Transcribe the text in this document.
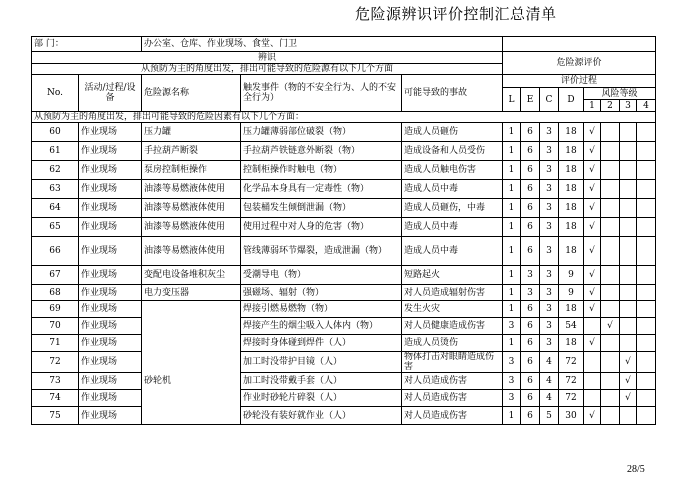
危险源辨识评价控制汇总清单
部 门：		办公室、仓库、作业现场、食堂、门卫										
辨识					危险源评价							
从预防为主的角度出发，排出可能导致的危险源有以下几个方面												
No.	活动/过程/设备	危险源名称	触发事件（物的不安全行为、人的不安全行为）	可能导致的事故	评价过程							
					L	E	C	D	风险等级			
									1	2	3	4
从预防为主的角度出发，排出可能导致的危险因素有以下几个方面：												
60	作业现场	压力罐	压力罐薄弱部位破裂（物）	造成人员砸伤	1	6	3	18	√			
61	作业现场	手拉葫芦断裂	手拉葫芦铁链意外断裂（物）	造成设备和人员受伤	1	6	3	18	√			
62	作业现场	泵房控制柜操作	控制柜操作时触电（物）	造成人员触电伤害	1	6	3	18	√			
63	作业现场	油漆等易燃液体使用	化学品本身具有一定毒性（物）	造成人员中毒	1	6	3	18	√			
64	作业现场	油漆等易燃液体使用	包装桶发生倾倒泄漏（物）	造成人员砸伤，中毒	1	6	3	18	√			
65	作业现场	油漆等易燃液体使用	使用过程中对人身的危害（物）	造成人员中毒	1	6	3	18	√			
66	作业现场	油漆等易燃液体使用	管线薄弱环节爆裂，造成泄漏（物）	造成人员中毒	1	6	3	18	√			
67	作业现场	变配电设备堆积灰尘	受潮导电（物）	短路起火	1	3	3	9	√			
68	作业现场	电力变压器	强磁场、辐射（物）	对人员造成辐射伤害	1	3	3	9	√			
69	作业现场		焊接引燃易燃物（物）	发生火灾	1	6	3	18	√			
70	作业现场		焊接产生的烟尘吸入人体内（物）	对人员健康造成伤害	3	6	3	54		√		
71	作业现场		焊接时身体碰到焊件（人）	造成人员烫伤	1	6	3	18	√			
72	作业现场		加工时没带护目镜（人）	物体打击对眼睛造成伤害	3	6	4	72			√	
73	作业现场	砂轮机	加工时没带戴手套（人）	对人员造成伤害	3	6	4	72			√	
74	作业现场		作业时砂轮片碎裂（人）	对人员造成伤害	3	6	4	72			√	
75	作业现场		砂轮没有装好就作业（人）	对人员造成伤害	1	6	5	30	√			
28/5
